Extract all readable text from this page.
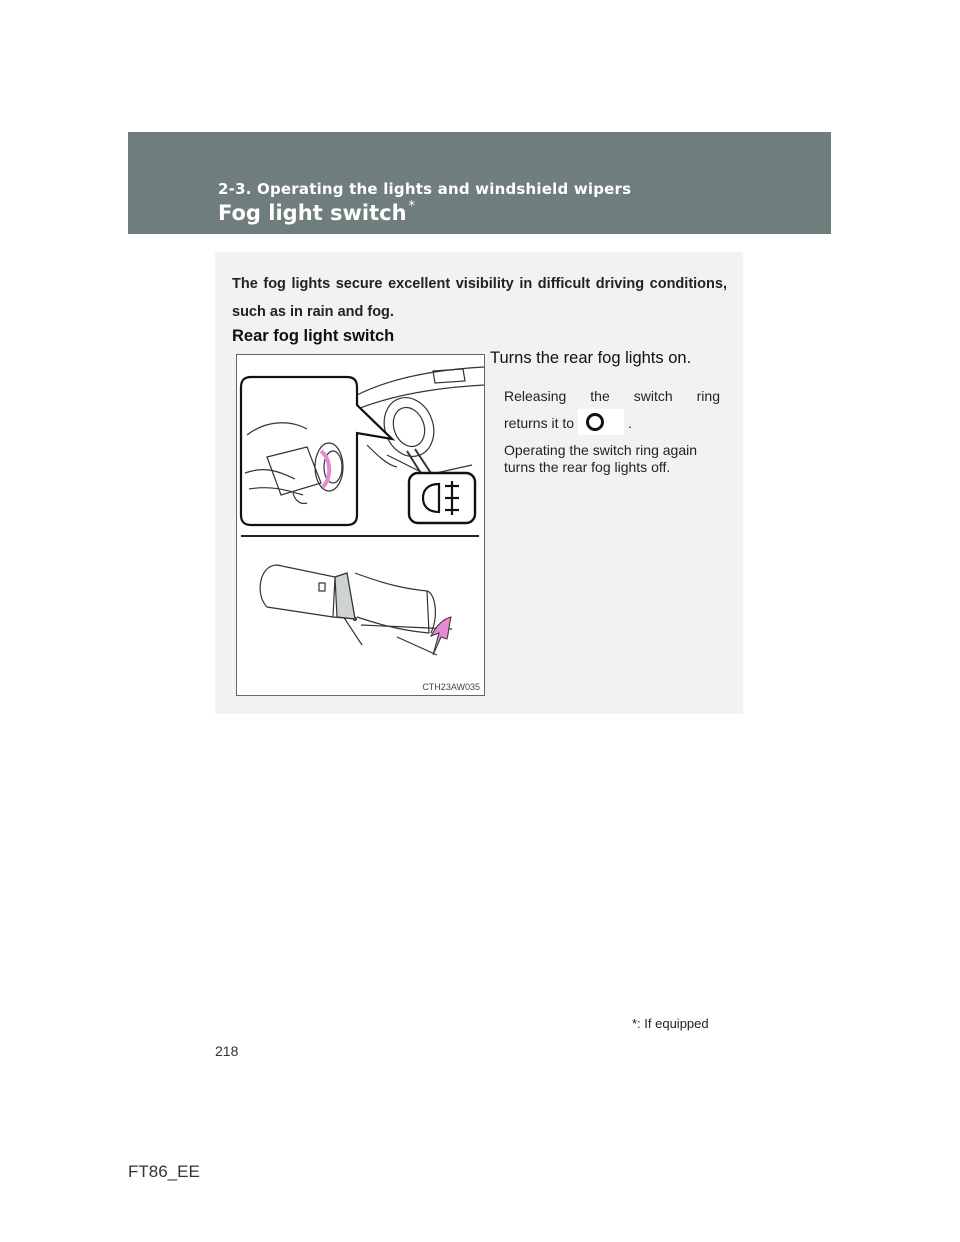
2-3. Operating the lights and windshield wipers
Fog light switch *
The fog lights secure excellent visibility in difficult driving conditions, such as in rain and fog.
Rear fog light switch
CTH23AW035
Turns the rear fog lights on.
Releasing the switch ring
returns it to	.
Operating the switch ring again turns the rear fog lights off.
*: If equipped
218
FT86_EE
